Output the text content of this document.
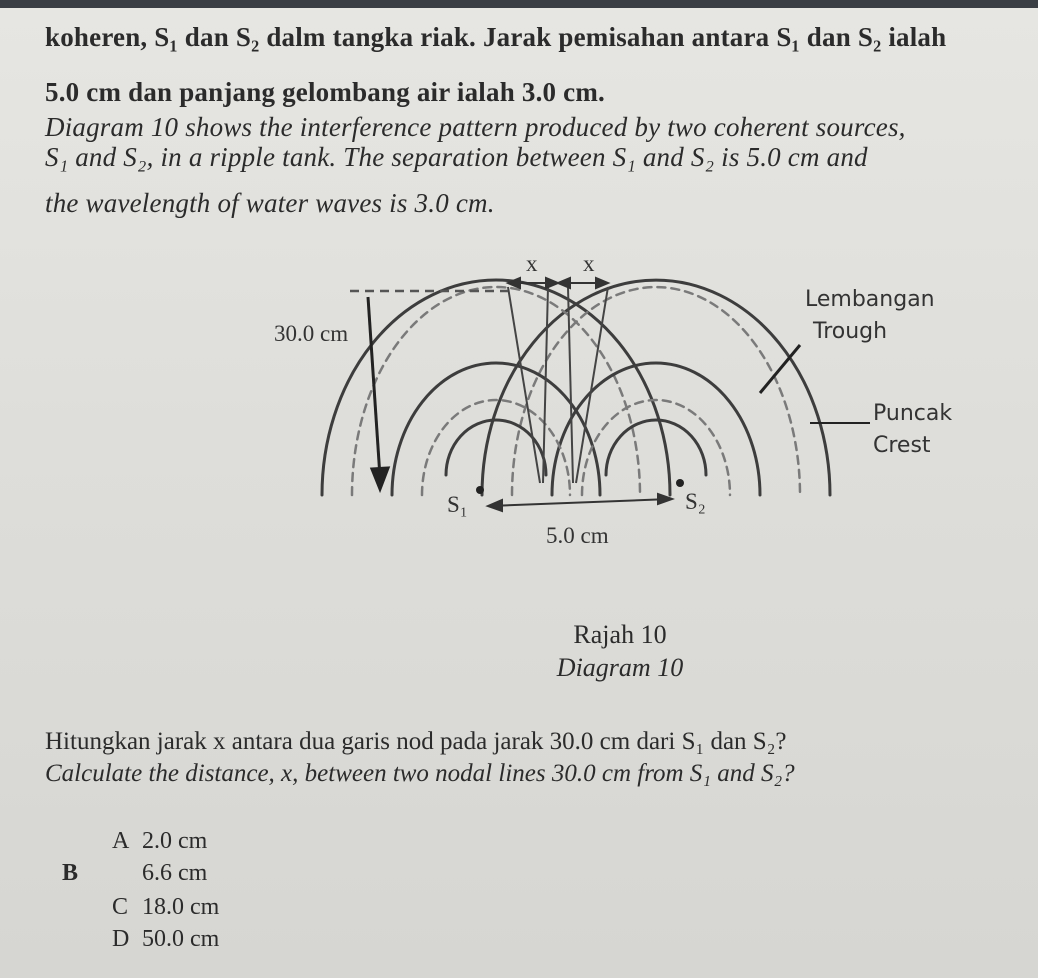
koheren, S₁ dan S₂ dalm tangka riak. Jarak pemisahan antara S₁ dan S₂ ialah
5.0 cm dan panjang gelombang air ialah 3.0 cm.
Diagram 10 shows the interference pattern produced by two coherent sources,
S₁ and S₂, in a ripple tank. The separation between S₁ and S₂ is 5.0 cm and
the wavelength of water waves is 3.0 cm.
x x
30.0 cm
Lembangan
Trough
Puncak
Crest
S₁	S₂
5.0 cm
Rajah 10
Diagram 10
Hitungkan jarak x antara dua garis nod pada jarak 30.0 cm dari S₁ dan S₂?
Calculate the distance, x, between two nodal lines 30.0 cm from S₁ and S₂?
A 2.0 cm
B	6.6 cm
C 18.0 cm
D 50.0 cm
